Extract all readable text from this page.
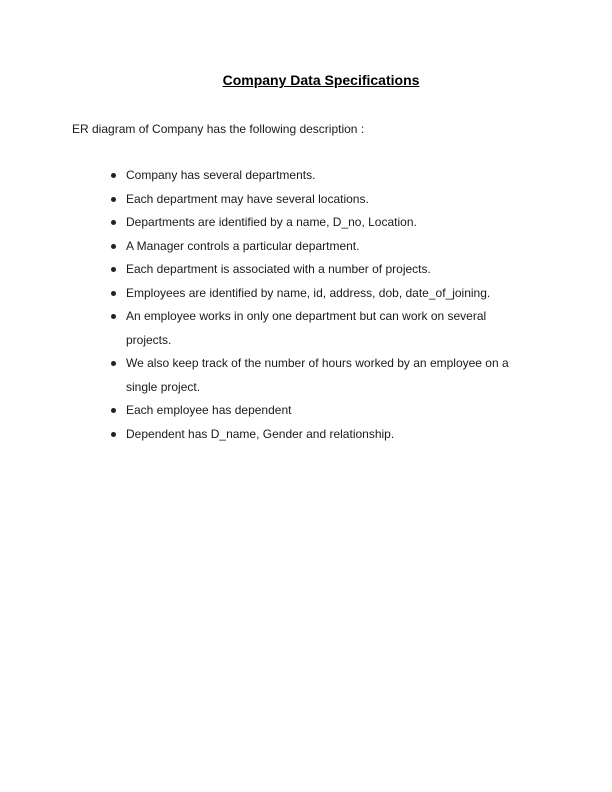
Company Data Specifications
ER diagram of Company has the following description :
Company has several departments.
Each department may have several locations.
Departments are identified by a name, D_no, Location.
A Manager controls a particular department.
Each department is associated with a number of projects.
Employees are identified by name, id, address, dob, date_of_joining.
An employee works in only one department but can work on several projects.
We also keep track of the number of hours worked by an employee on a single project.
Each employee has dependent
Dependent has D_name, Gender and relationship.
